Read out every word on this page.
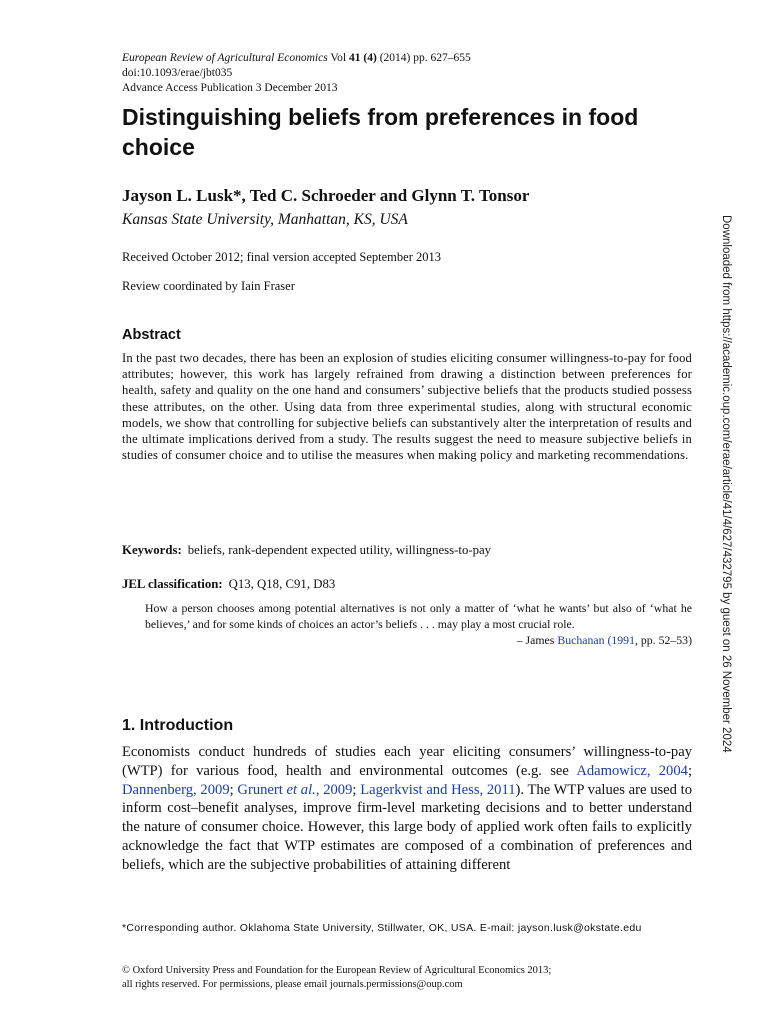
European Review of Agricultural Economics Vol 41 (4) (2014) pp. 627–655
doi:10.1093/erae/jbt035
Advance Access Publication 3 December 2013
Distinguishing beliefs from preferences in food choice
Jayson L. Lusk*, Ted C. Schroeder and Glynn T. Tonsor
Kansas State University, Manhattan, KS, USA
Received October 2012; final version accepted September 2013
Review coordinated by Iain Fraser
Abstract
In the past two decades, there has been an explosion of studies eliciting consumer willingness-to-pay for food attributes; however, this work has largely refrained from drawing a distinction between preferences for health, safety and quality on the one hand and consumers’ subjective beliefs that the products studied possess these attributes, on the other. Using data from three experimental studies, along with structural economic models, we show that controlling for subjective beliefs can substantively alter the interpretation of results and the ultimate implications derived from a study. The results suggest the need to measure subjective beliefs in studies of consumer choice and to utilise the measures when making policy and marketing recommendations.
Keywords: beliefs, rank-dependent expected utility, willingness-to-pay
JEL classification: Q13, Q18, C91, D83
How a person chooses among potential alternatives is not only a matter of ‘what he wants’ but also of ‘what he believes,’ and for some kinds of choices an actor’s beliefs . . . may play a most crucial role.
– James Buchanan (1991, pp. 52–53)
1. Introduction
Economists conduct hundreds of studies each year eliciting consumers’ willingness-to-pay (WTP) for various food, health and environmental outcomes (e.g. see Adamowicz, 2004; Dannenberg, 2009; Grunert et al., 2009; Lagerkvist and Hess, 2011). The WTP values are used to inform cost–benefit analyses, improve firm-level marketing decisions and to better understand the nature of consumer choice. However, this large body of applied work often fails to explicitly acknowledge the fact that WTP estimates are composed of a combination of preferences and beliefs, which are the subjective probabilities of attaining different
*Corresponding author. Oklahoma State University, Stillwater, OK, USA. E-mail: jayson.lusk@okstate.edu
© Oxford University Press and Foundation for the European Review of Agricultural Economics 2013;
all rights reserved. For permissions, please email journals.permissions@oup.com
Downloaded from https://academic.oup.com/erae/article/41/4/627/432795 by guest on 26 November 2024
